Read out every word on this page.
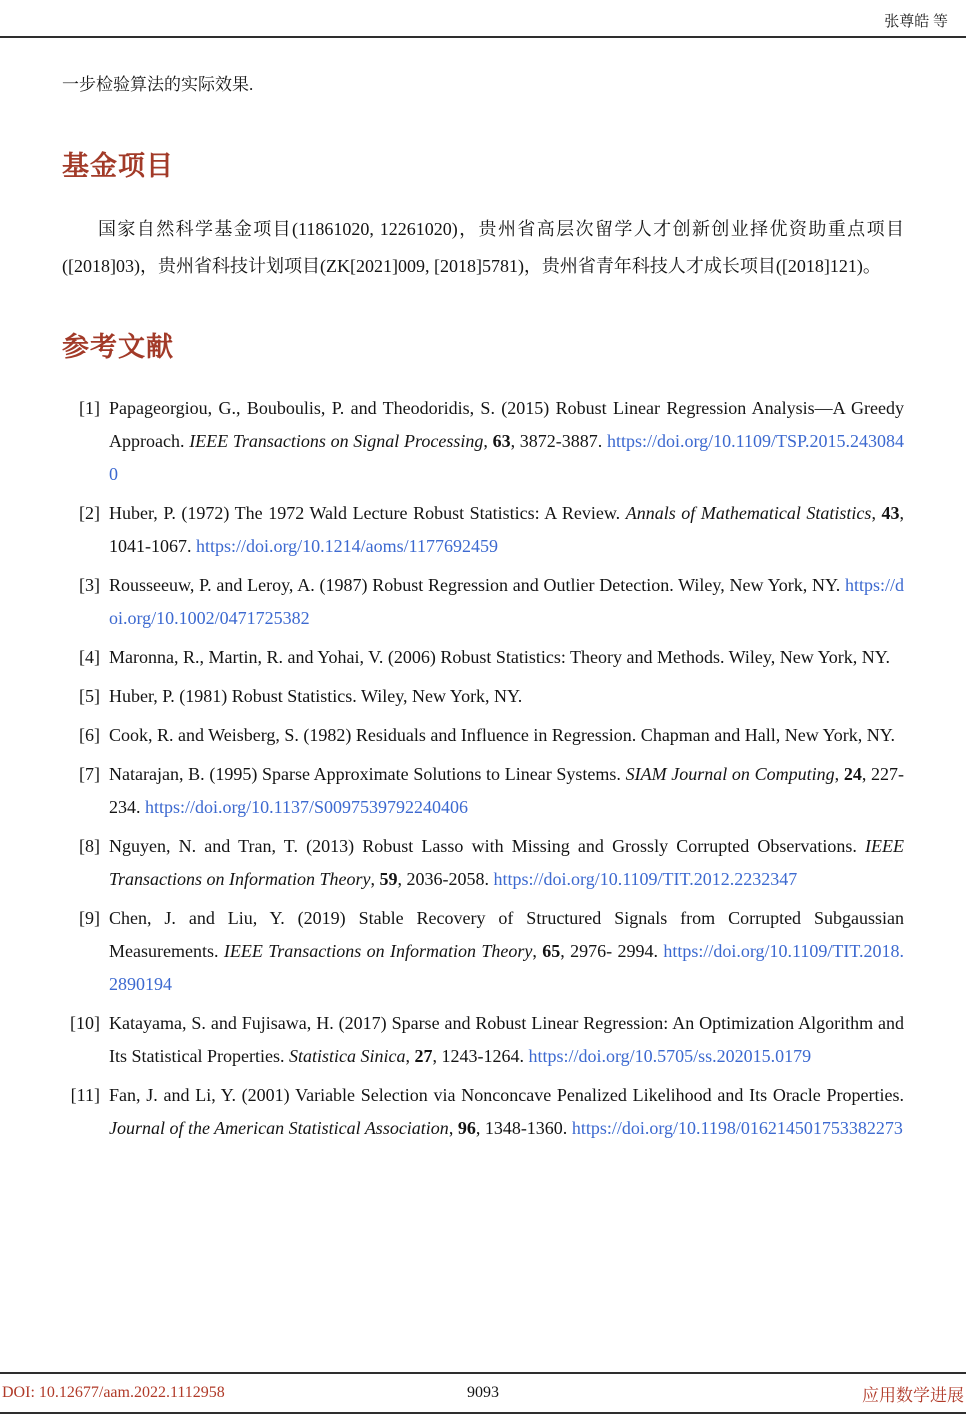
张尊皓 等

一步检验算法的实际效果.

基金项目

国家自然科学基金项目(11861020, 12261020)，贵州省高层次留学人才创新创业择优资助重点项目([2018]03)，贵州省科技计划项目(ZK[2021]009, [2018]5781)，贵州省青年科技人才成长项目([2018]121)。

参考文献
[1] Papageorgiou, G., Bouboulis, P. and Theodoridis, S. (2015) Robust Linear Regression Analysis—A Greedy Approach. IEEE Transactions on Signal Processing, 63, 3872-3887. https://doi.org/10.1109/TSP.2015.2430840
[2] Huber, P. (1972) The 1972 Wald Lecture Robust Statistics: A Review. Annals of Mathematical Statistics, 43, 1041-1067. https://doi.org/10.1214/aoms/1177692459
[3] Rousseeuw, P. and Leroy, A. (1987) Robust Regression and Outlier Detection. Wiley, New York, NY. https://doi.org/10.1002/0471725382
[4] Maronna, R., Martin, R. and Yohai, V. (2006) Robust Statistics: Theory and Methods. Wiley, New York, NY.
[5] Huber, P. (1981) Robust Statistics. Wiley, New York, NY.
[6] Cook, R. and Weisberg, S. (1982) Residuals and Influence in Regression. Chapman and Hall, New York, NY.
[7] Natarajan, B. (1995) Sparse Approximate Solutions to Linear Systems. SIAM Journal on Computing, 24, 227-234. https://doi.org/10.1137/S0097539792240406
[8] Nguyen, N. and Tran, T. (2013) Robust Lasso with Missing and Grossly Corrupted Observations. IEEE Transactions on Information Theory, 59, 2036-2058. https://doi.org/10.1109/TIT.2012.2232347
[9] Chen, J. and Liu, Y. (2019) Stable Recovery of Structured Signals from Corrupted Subgaussian Measurements. IEEE Transactions on Information Theory, 65, 2976- 2994. https://doi.org/10.1109/TIT.2018.2890194
[10] Katayama, S. and Fujisawa, H. (2017) Sparse and Robust Linear Regression: An Optimization Algorithm and Its Statistical Properties. Statistica Sinica, 27, 1243-1264. https://doi.org/10.5705/ss.202015.0179
[11] Fan, J. and Li, Y. (2001) Variable Selection via Nonconcave Penalized Likelihood and Its Oracle Properties. Journal of the American Statistical Association, 96, 1348-1360. https://doi.org/10.1198/016214501753382273
DOI: 10.12677/aam.2022.1112958	9093	应用数学进展
